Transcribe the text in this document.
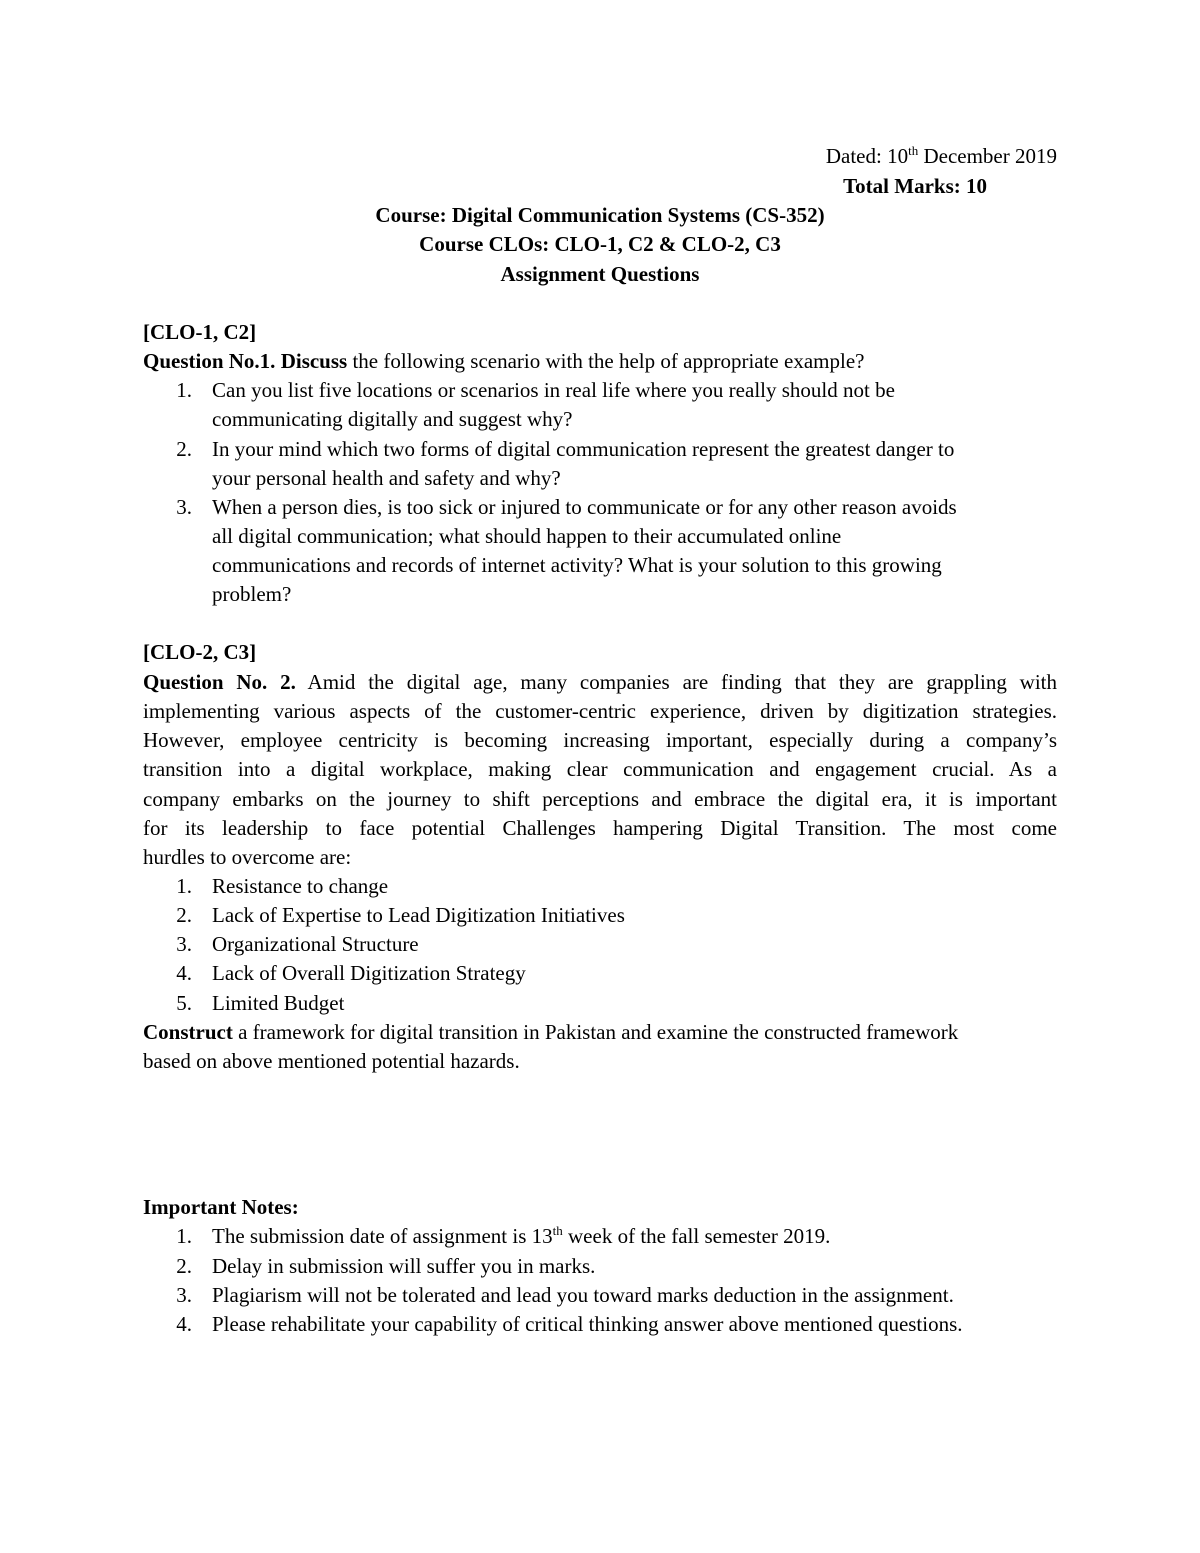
Dated: 10th December 2019
Total Marks: 10
Course: Digital Communication Systems (CS-352)
Course CLOs: CLO-1, C2 & CLO-2, C3
Assignment Questions
[CLO-1, C2]
Question No.1. Discuss the following scenario with the help of appropriate example?
1. Can you list five locations or scenarios in real life where you really should not be
communicating digitally and suggest why?
2. In your mind which two forms of digital communication represent the greatest danger to
your personal health and safety and why?
3. When a person dies, is too sick or injured to communicate or for any other reason avoids
all digital communication; what should happen to their accumulated online
communications and records of internet activity? What is your solution to this growing
problem?
[CLO-2, C3]
Question No. 2. Amid the digital age, many companies are finding that they are grappling with
implementing various aspects of the customer-centric experience, driven by digitization strategies.
However, employee centricity is becoming increasing important, especially during a company’s
transition into a digital workplace, making clear communication and engagement crucial. As a
company embarks on the journey to shift perceptions and embrace the digital era, it is important
for its leadership to face potential Challenges hampering Digital Transition. The most come
hurdles to overcome are:
1. Resistance to change
2. Lack of Expertise to Lead Digitization Initiatives
3. Organizational Structure
4. Lack of Overall Digitization Strategy
5. Limited Budget
Construct a framework for digital transition in Pakistan and examine the constructed framework
based on above mentioned potential hazards.
Important Notes:
1. The submission date of assignment is 13th week of the fall semester 2019.
2. Delay in submission will suffer you in marks.
3. Plagiarism will not be tolerated and lead you toward marks deduction in the assignment.
4. Please rehabilitate your capability of critical thinking answer above mentioned questions.
